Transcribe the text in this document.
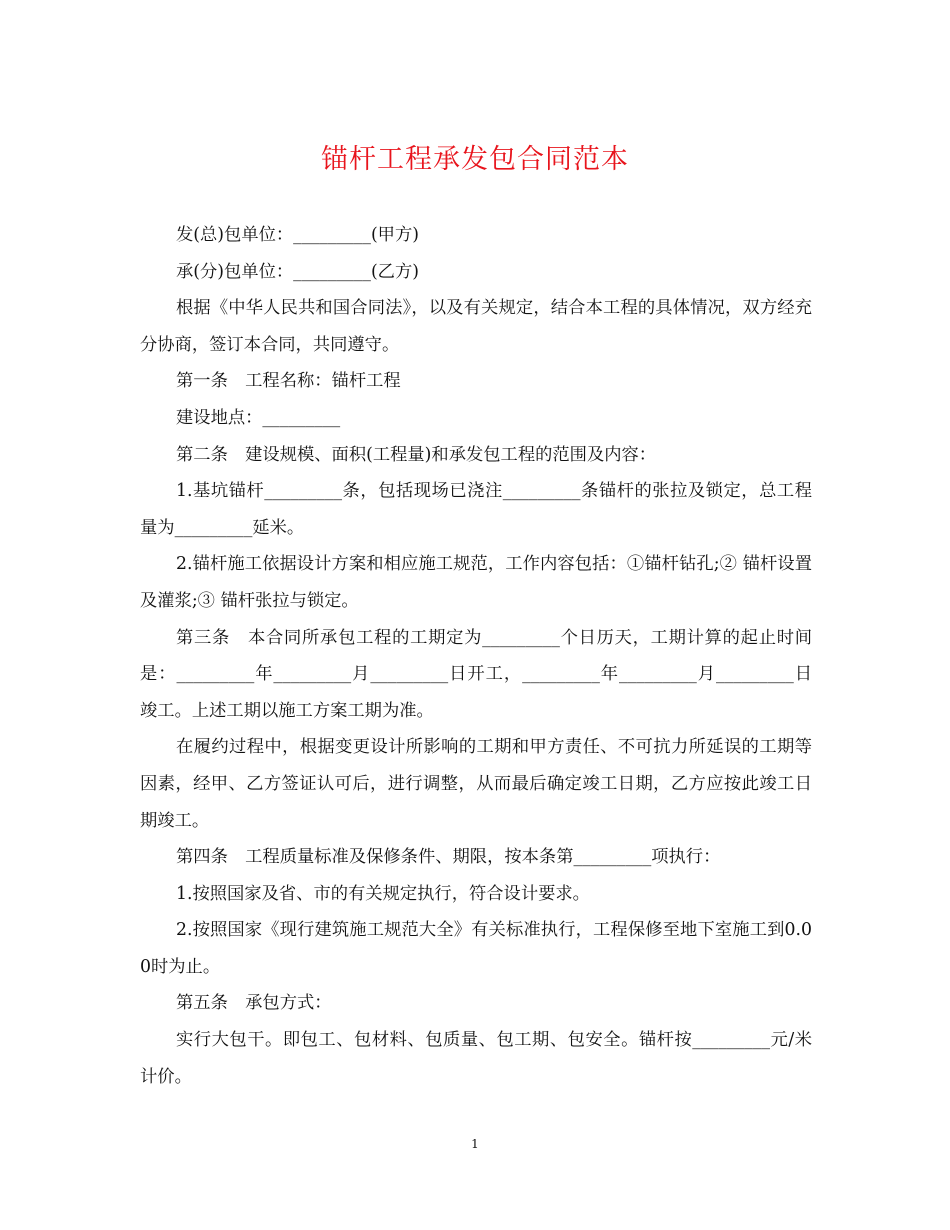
锚杆工程承发包合同范本

发(总)包单位：_________(甲方)

承(分)包单位：_________(乙方)

根据《中华人民共和国合同法》，以及有关规定，结合本工程的具体情况，双方经充分协商，签订本合同，共同遵守。

第一条　工程名称：锚杆工程

建设地点：_________

第二条　建设规模、面积(工程量)和承发包工程的范围及内容：

1.基坑锚杆_________条，包括现场已浇注_________条锚杆的张拉及锁定，总工程量为_________延米。

2.锚杆施工依据设计方案和相应施工规范，工作内容包括：①锚杆钻孔;② 锚杆设置及灌浆;③ 锚杆张拉与锁定。

第三条　本合同所承包工程的工期定为_________个日历天，工期计算的起止时间是：_________年_________月_________日开工，_________年_________月_________日竣工。上述工期以施工方案工期为准。

在履约过程中，根据变更设计所影响的工期和甲方责任、不可抗力所延误的工期等因素，经甲、乙方签证认可后，进行调整，从而最后确定竣工日期，乙方应按此竣工日期竣工。

第四条　工程质量标准及保修条件、期限，按本条第_________项执行：

1.按照国家及省、市的有关规定执行，符合设计要求。

2.按照国家《现行建筑施工规范大全》有关标准执行，工程保修至地下室施工到0.00时为止。

第五条　承包方式：

实行大包干。即包工、包材料、包质量、包工期、包安全。锚杆按_________元/米计价。

1
